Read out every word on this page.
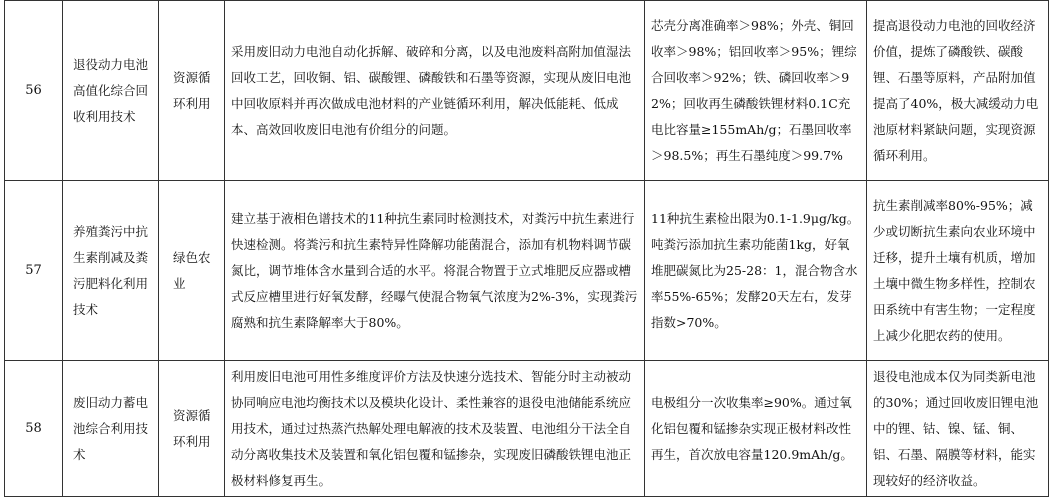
56	退役动力电池高值化综合回收利用技术	资源循环利用	采用废旧动力电池自动化拆解、破碎和分离，以及电池废料高附加值湿法回收工艺，回收铜、铝、碳酸锂、磷酸铁和石墨等资源，实现从废旧电池中回收原料并再次做成电池材料的产业链循环利用，解决低能耗、低成本、高效回收废旧电池有价组分的问题。	芯壳分离准确率＞98%；外壳、铜回收率＞98%；铝回收率＞95%；锂综合回收率＞92%；铁、磷回收率＞92%；回收再生磷酸铁锂材料0.1C充电比容量≥155mAh/g；石墨回收率＞98.5%；再生石墨纯度＞99.7%	提高退役动力电池的回收经济价值，提炼了磷酸铁、碳酸锂、石墨等原料，产品附加值提高了40%，极大减缓动力电池原材料紧缺问题，实现资源循环利用。
57	养殖粪污中抗生素削减及粪污肥料化利用技术	绿色农业	建立基于液相色谱技术的11种抗生素同时检测技术，对粪污中抗生素进行快速检测。将粪污和抗生素特异性降解功能菌混合，添加有机物料调节碳氮比，调节堆体含水量到合适的水平。将混合物置于立式堆肥反应器或槽式反应槽里进行好氧发酵，经曝气使混合物氧气浓度为2%-3%，实现粪污腐熟和抗生素降解率大于80%。	11种抗生素检出限为0.1-1.9μg/kg。吨粪污添加抗生素功能菌1kg，好氧堆肥碳氮比为25-28：1，混合物含水率55%-65%；发酵20天左右，发芽指数>70%。	抗生素削减率80%-95%；减少或切断抗生素向农业环境中迁移，提升土壤有机质，增加土壤中微生物多样性，控制农田系统中有害生物；一定程度上减少化肥农药的使用。
58	废旧动力蓄电池综合利用技术	资源循环利用	利用废旧电池可用性多维度评价方法及快速分选技术、智能分时主动被动协同响应电池均衡技术以及模块化设计、柔性兼容的退役电池储能系统应用技术，通过过热蒸汽热解处理电解液的技术及装置、电池组分干法全自动分离收集技术及装置和氧化铝包覆和锰掺杂，实现废旧磷酸铁锂电池正极材料修复再生。	电极组分一次收集率≥90%。通过氧化铝包覆和锰掺杂实现正极材料改性再生，首次放电容量120.9mAh/g。	退役电池成本仅为同类新电池的30%；通过回收废旧锂电池中的锂、钴、镍、锰、铜、铝、石墨、隔膜等材料，能实现较好的经济收益。
